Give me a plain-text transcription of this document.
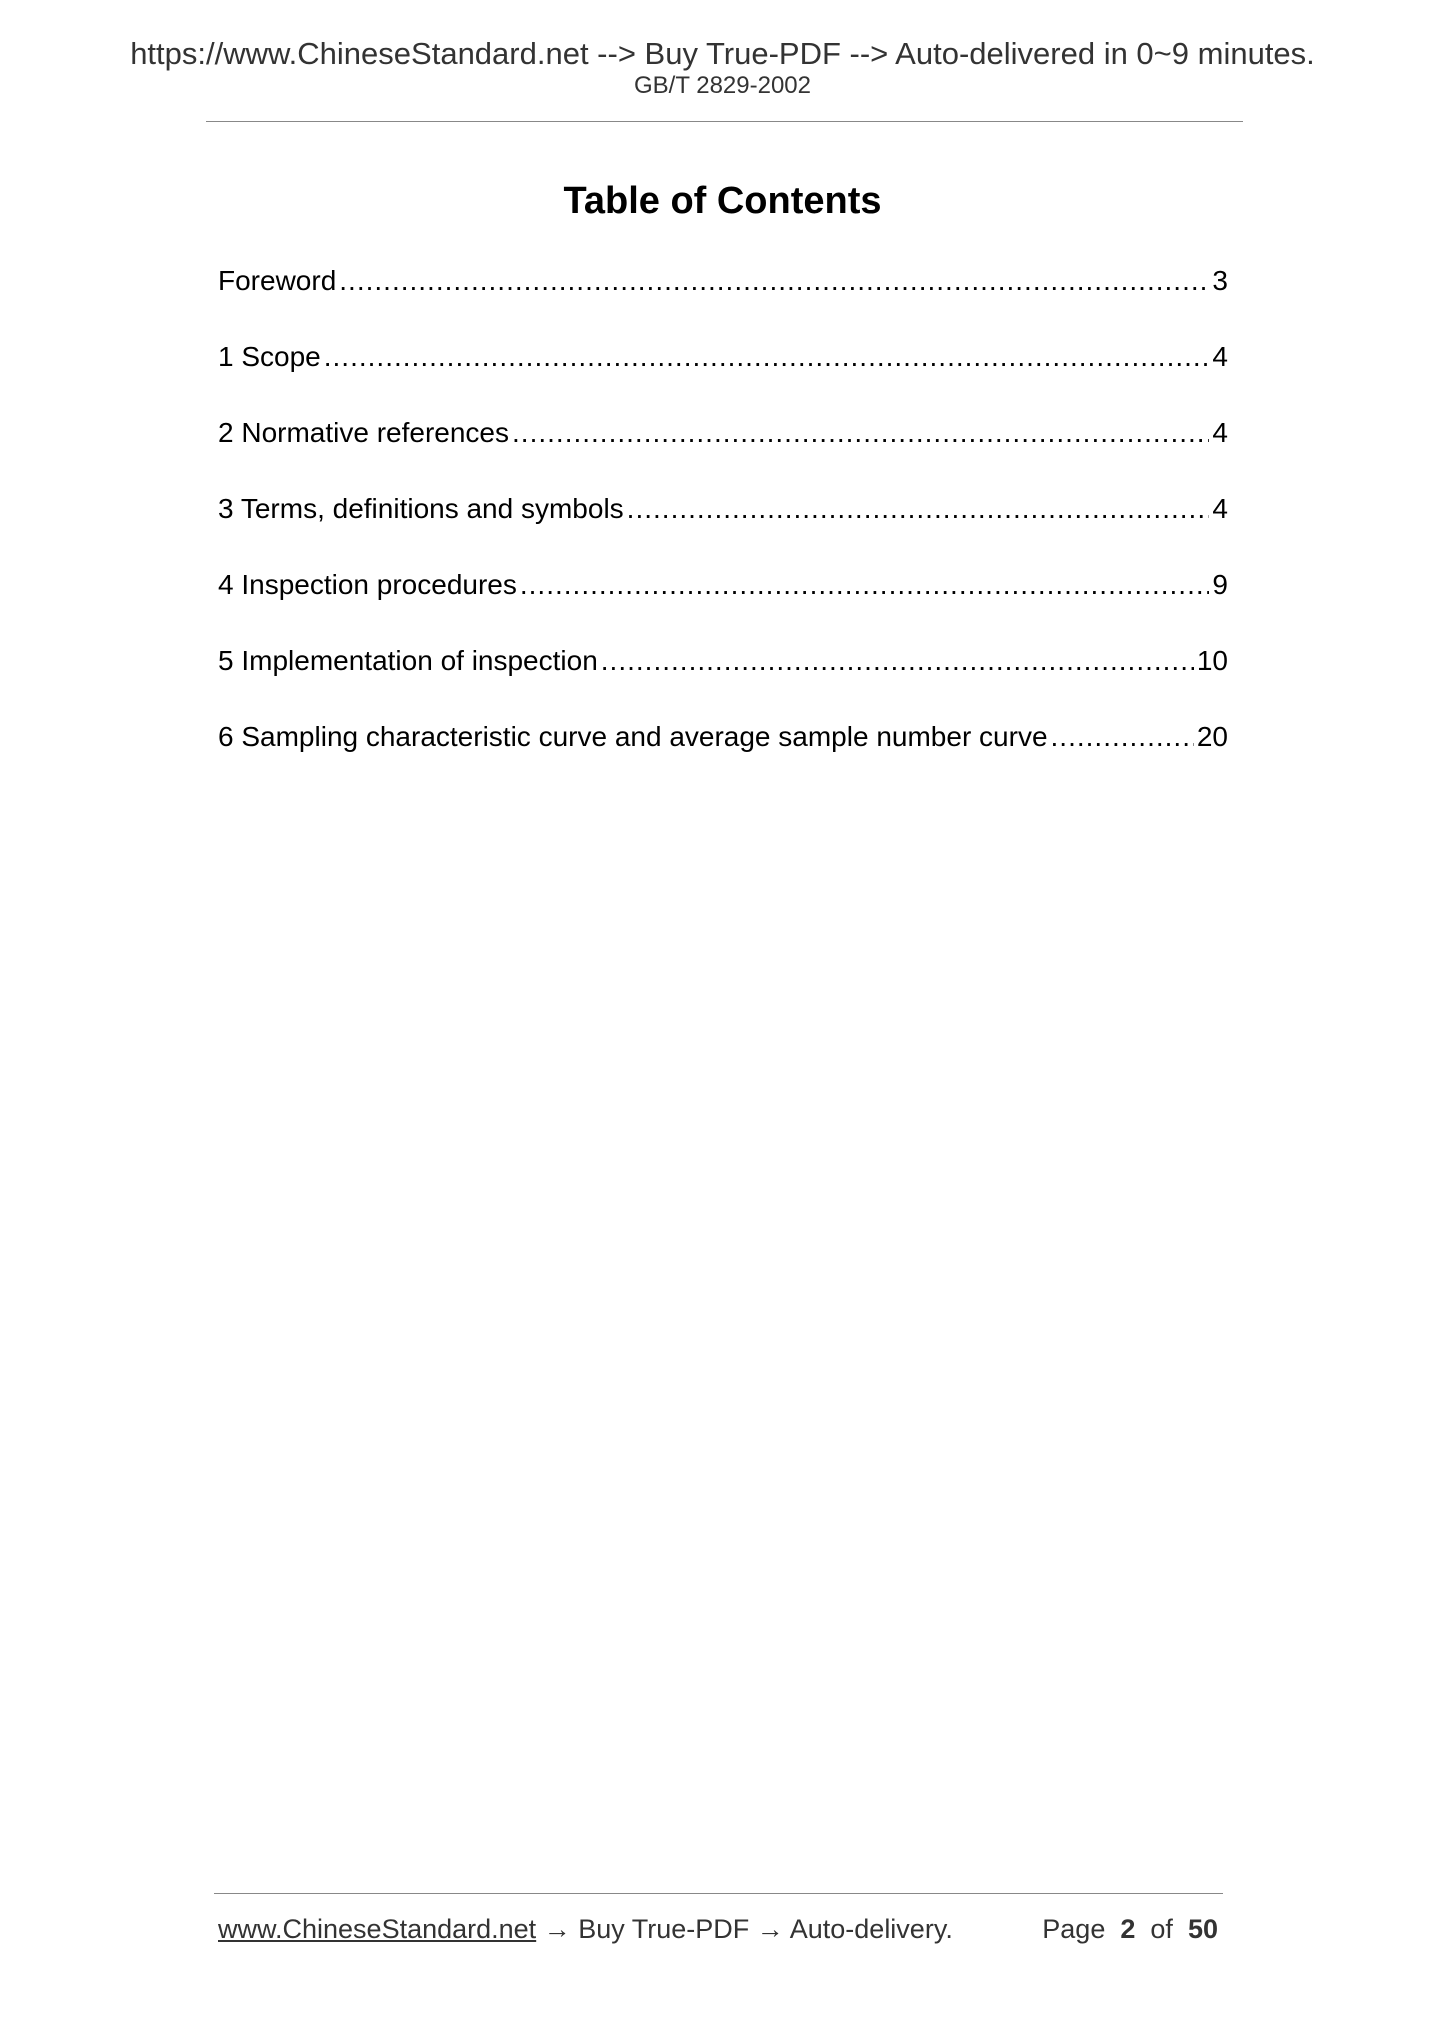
https://www.ChineseStandard.net --> Buy True-PDF --> Auto-delivered in 0~9 minutes.
GB/T 2829-2002
Table of Contents
Foreword .....	3
1 Scope .....	4
2 Normative references .....	4
3 Terms, definitions and symbols .....	4
4 Inspection procedures .....	9
5 Implementation of inspection .....	10
6 Sampling characteristic curve and average sample number curve .....	20
www.ChineseStandard.net → Buy True-PDF → Auto-delivery.	Page 2 of 50
